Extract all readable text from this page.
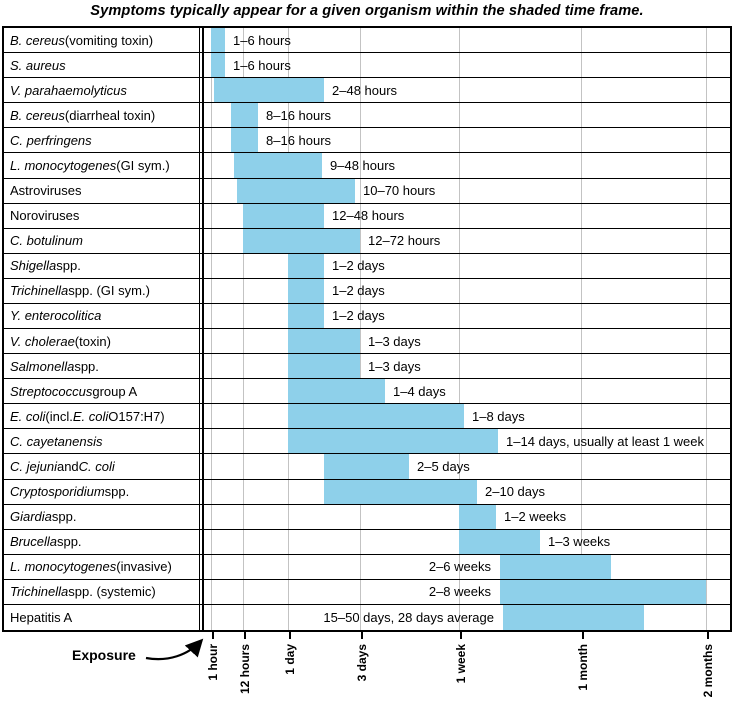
Symptoms typically appear for a given organism within the shaded time frame.
B. cereus (vomiting toxin)	1–6 hours
S. aureus	1–6 hours
V. parahaemolyticus	2–48 hours
B. cereus (diarrheal toxin)	8–16 hours
C. perfringens	8–16 hours
L. monocytogenes (GI sym.)	9–48 hours
Astroviruses	10–70 hours
Noroviruses	12–48 hours
C. botulinum	12–72 hours
Shigella spp.	1–2 days
Trichinella spp. (GI sym.)	1–2 days
Y. enterocolitica	1–2 days
V. cholerae (toxin)	1–3 days
Salmonella spp.	1–3 days
Streptococcus group A	1–4 days
E. coli (incl. E. coli O157:H7)	1–8 days
C. cayetanensis	1–14 days, usually at least 1 week
C. jejuni and C. coli	2–5 days
Cryptosporidium spp.	2–10 days
Giardia spp.	1–2 weeks
Brucella spp.	1–3 weeks
L. monocytogenes (invasive)	2–6 weeks
Trichinella spp. (systemic)	2–8 weeks
Hepatitis A	15–50 days, 28 days average
1 hour 12 hours	1 day	3 days	1 week	1 month	2 months
Exposure
